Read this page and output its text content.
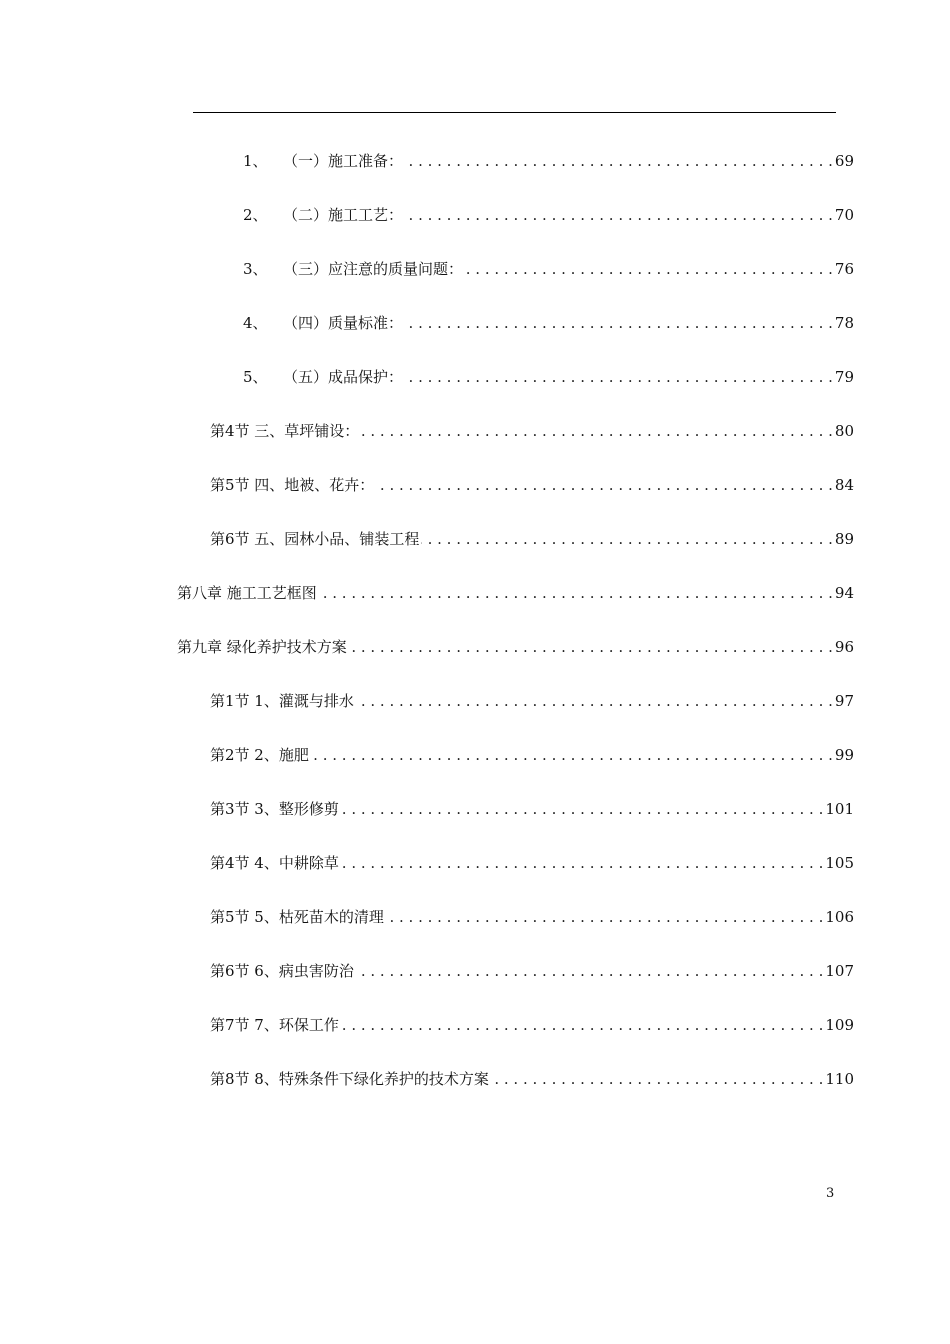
1、	（一）施工准备： . . .	69
2、	（二）施工工艺： . . .	70
3、	（三）应注意的质量问题： . . .	76
4、	（四）质量标准： . . .	78
5、	（五）成品保护： . . .	79
第4节 三、草坪铺设： . . .	80
第5节 四、地被、花卉： . . .	84
第6节 五、园林小品、铺装工程 . . .	89
第八章 施工工艺框图 . . .	94
第九章 绿化养护技术方案 . . .	96
第1节 1、灌溉与排水 . . .	97
第2节 2、施肥 . . .	99
第3节 3、整形修剪 . . .	101
第4节 4、中耕除草 . . .	105
第5节 5、枯死苗木的清理 . . .	106
第6节 6、病虫害防治 . . .	107
第7节 7、环保工作 . . .	109
第8节 8、特殊条件下绿化养护的技术方案 . . .	110
3
